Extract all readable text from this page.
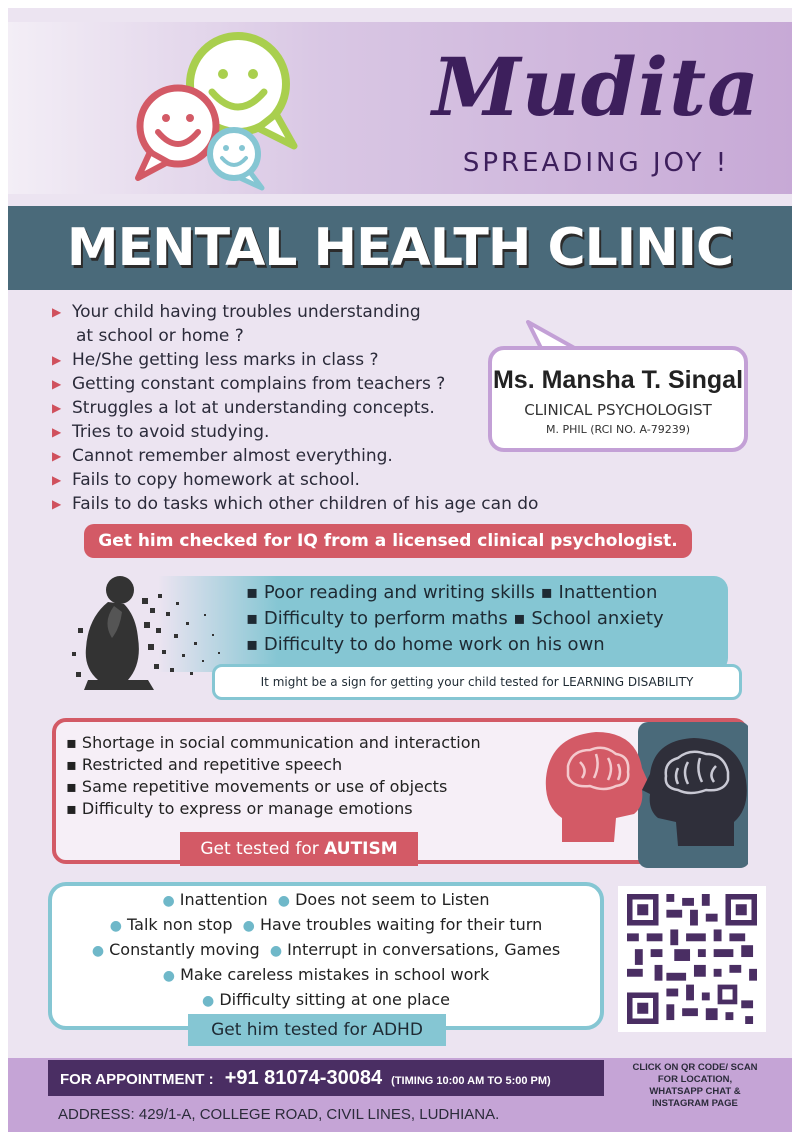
Mudita
SPREADING JOY !
MENTAL HEALTH CLINIC
▶ Your child having troubles understanding
at school or home ?
▶ He/She getting less marks in class ?
▶ Getting constant complains from teachers ?
▶ Struggles a lot at understanding concepts.
▶ Tries to avoid studying.
▶ Cannot remember almost everything.
▶ Fails to copy homework at school.
▶ Fails to do tasks which other children of his age can do
Ms. Mansha T. Singal
CLINICAL PSYCHOLOGIST
M. PHIL (RCI NO. A-79239)
Get him checked for IQ from a licensed clinical psychologist.
▪ Poor reading and writing skills ▪ Inattention
▪ Difficulty to perform maths ▪ School anxiety
▪ Difficulty to do home work on his own
It might be a sign for getting your child tested for LEARNING DISABILITY
▪ Shortage in social communication and interaction
▪ Restricted and repetitive speech
▪ Same repetitive movements or use of objects
▪ Difficulty to express or manage emotions
Get tested for AUTISM
● Inattention ● Does not seem to Listen
● Talk non stop ● Have troubles waiting for their turn
● Constantly moving ● Interrupt in conversations, Games
● Make careless mistakes in school work
● Difficulty sitting at one place
Get him tested for ADHD
FOR APPOINTMENT : +91 81074-30084 (TIMING 10:00 AM TO 5:00 PM)
ADDRESS: 429/1-A, COLLEGE ROAD, CIVIL LINES, LUDHIANA.
CLICK ON QR CODE/ SCAN
FOR LOCATION,
WHATSAPP CHAT &
INSTAGRAM PAGE
